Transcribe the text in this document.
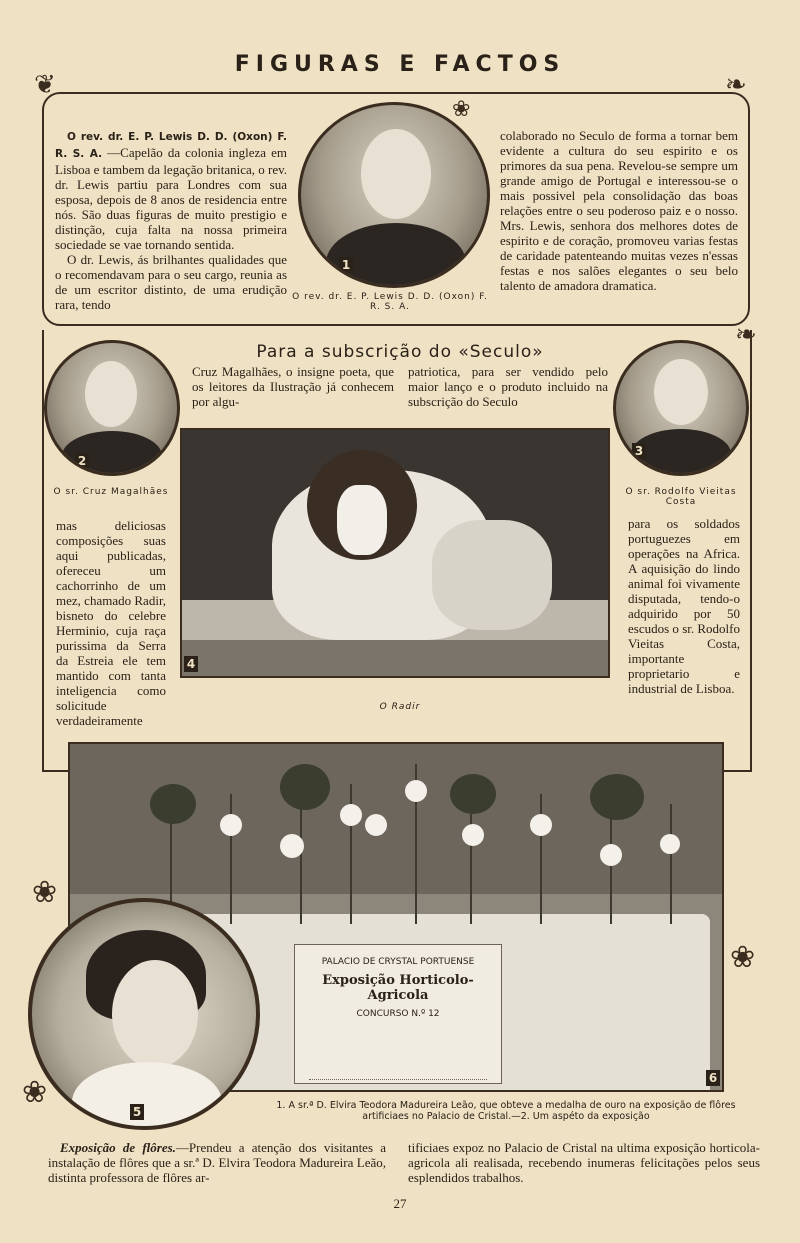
FIGURAS E FACTOS
❦	❧
❧
❀

O rev. dr. E. P. Lewis D. D. (Oxon) F. R. S. A. —Capelão da colonia ingleza em Lisboa e tambem da legação britanica, o rev. dr. Lewis partiu para Londres com sua esposa, depois de 8 anos de residencia entre nós. São duas figuras de muito prestigio e distinção, cuja falta na nossa primeira sociedade se vae tornando sentida.

O dr. Lewis, ás brilhantes qualidades que o recomendavam para o seu cargo, reunia as de um escritor distinto, de uma erudição rara, tendo

1
O rev. dr. E. P. Lewis D. D. (Oxon) F. R. S. A.
colaborado no Seculo de forma a tornar bem evidente a cultura do seu espirito e os primores da sua pena. Revelou-se sempre um grande amigo de Portugal e interessou-se o mais possivel pela consolidação das boas relações entre o seu poderoso paiz e o nosso. Mrs. Lewis, senhora dos melhores dotes de espirito e de coração, promoveu varias festas de caridade patenteando muitas vezes n'essas festas e nos salões elegantes o seu belo talento de amadora dramatica.
Para a subscrição do «Seculo»
2
O sr. Cruz Magalhães
3
O sr. Rodolfo Vieitas Costa
Cruz Magalhães, o insigne poeta, que os leitores da Ilustração já conhecem por algu-
patriotica, para ser vendido pelo maior lanço e o produto incluido na subscrição do Seculo
4
O Radir
mas deliciosas composições suas aqui publicadas, ofereceu um cachorrinho de um mez, chamado Radir, bisneto do celebre Herminio, cuja raça purissima da Serra da Estreia ele tem mantido com tanta inteligencia como solicitude verdadeiramente
para os soldados portuguezes em operações na Africa. A aquisição do lindo animal foi vivamente disputada, tendo-o adquirido por 50 escudos o sr. Rodolfo Vieitas Costa, importante proprietario e industrial de Lisboa.
PALACIO DE CRYSTAL PORTUENSE
Exposição Horticolo-Agricola
CONCURSO N.º 12
6
❀
❀
❀
5	1. A sr.ª D. Elvira Teodora Madureira Leão, que obteve a medalha de ouro na exposição de flôres artificiaes no Palacio de Cristal.—2. Um aspéto da exposição

Exposição de flôres.—Prendeu a atenção dos visitantes a instalação de flôres que a sr.ª D. Elvira Teodora Madureira Leão, distinta professora de flôres ar-

tificiaes expoz no Palacio de Cristal na ultima exposição horticola-agricola ali realisada, recebendo inumeras felicitações pelos seus esplendidos trabalhos.
27
